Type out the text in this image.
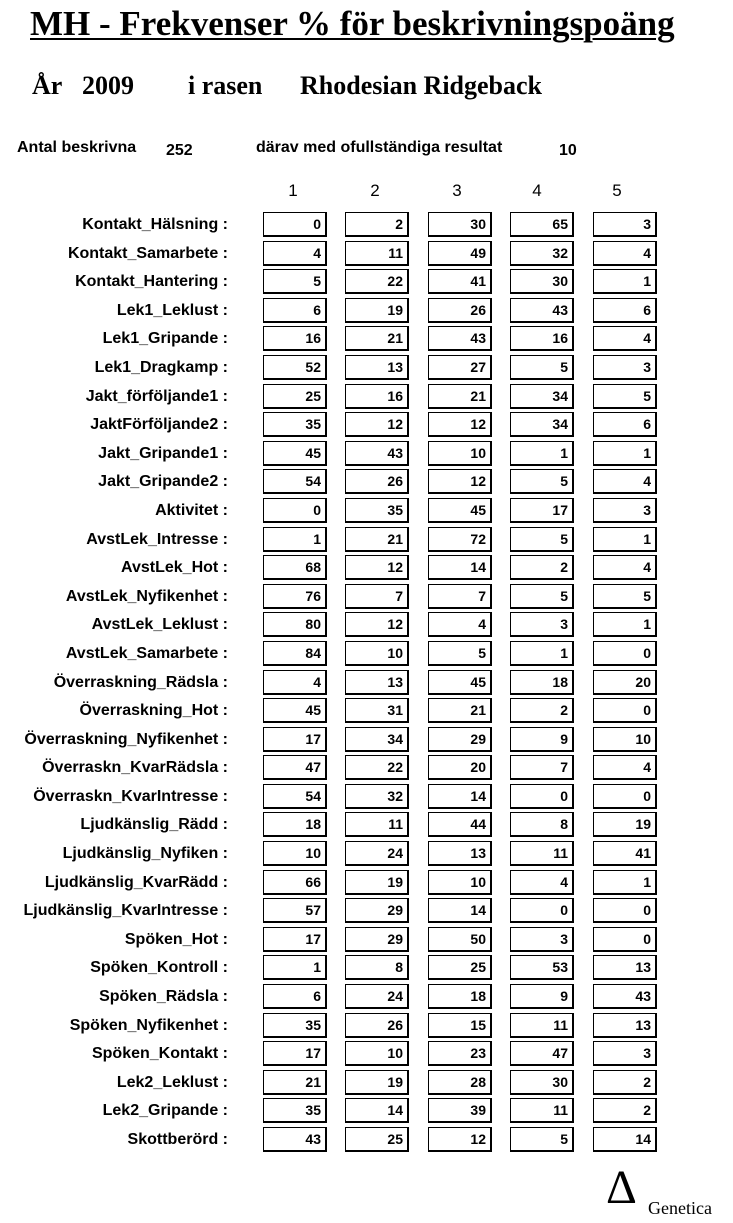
MH - Frekvenser % för beskrivningspoäng
År 2009 i rasen Rhodesian Ridgeback
Antal beskrivna 252	därav med ofullständiga resultat	10
1	2	3	4	5
Kontakt_Hälsning :	0	2	30	65	3
Kontakt_Samarbete :	4	11	49	32	4
Kontakt_Hantering :	5	22	41	30	1
Lek1_Leklust :	6	19	26	43	6
Lek1_Gripande :	16	21	43	16	4
Lek1_Dragkamp :	52	13	27	5	3
Jakt_förföljande1 :	25	16	21	34	5
JaktFörföljande2 :	35	12	12	34	6
Jakt_Gripande1 :	45	43	10	1	1
Jakt_Gripande2 :	54	26	12	5	4
Aktivitet :	0	35	45	17	3
AvstLek_Intresse :	1	21	72	5	1
AvstLek_Hot :	68	12	14	2	4
AvstLek_Nyfikenhet :	76	7	7	5	5
AvstLek_Leklust :	80	12	4	3	1
AvstLek_Samarbete :	84	10	5	1	0
Överraskning_Rädsla :	4	13	45	18	20
Överraskning_Hot :	45	31	21	2	0
Överraskning_Nyfikenhet :	17	34	29	9	10
Överraskn_KvarRädsla :	47	22	20	7	4
Överraskn_KvarIntresse :	54	32	14	0	0
Ljudkänslig_Rädd :	18	11	44	8	19
Ljudkänslig_Nyfiken :	10	24	13	11	41
Ljudkänslig_KvarRädd :	66	19	10	4	1
Ljudkänslig_KvarIntresse :	57	29	14	0	0
Spöken_Hot :	17	29	50	3	0
Spöken_Kontroll :	1	8	25	53	13
Spöken_Rädsla :	6	24	18	9	43
Spöken_Nyfikenhet :	35	26	15	11	13
Spöken_Kontakt :	17	10	23	47	3
Lek2_Leklust :	21	19	28	30	2
Lek2_Gripande :	35	14	39	11	2
Skottberörd :	43	25	12	5	14
Δ Genetica
